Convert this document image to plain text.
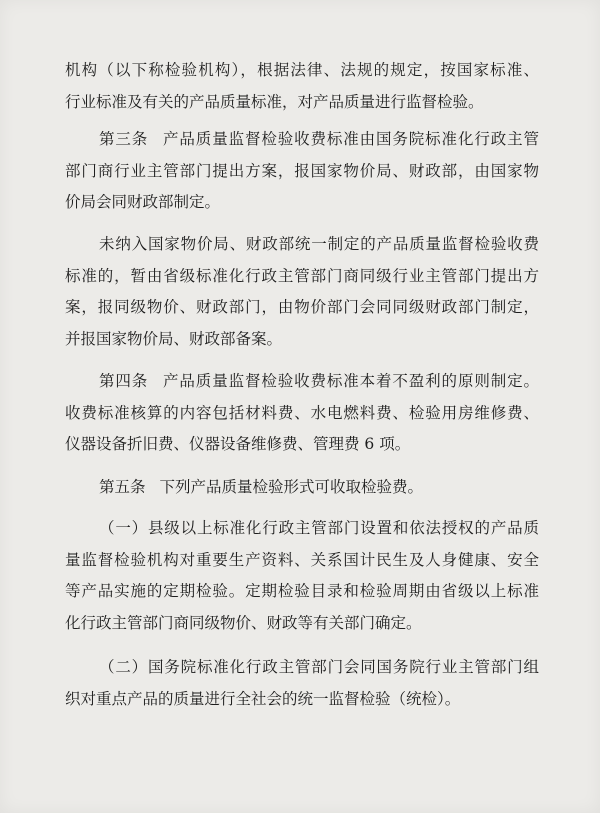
机构（以下称检验机构），根据法律、法规的规定，按国家标准、
行业标准及有关的产品质量标准，对产品质量进行监督检验。

第三条 产品质量监督检验收费标准由国务院标准化行政主管
部门商行业主管部门提出方案，报国家物价局、财政部，由国家物
价局会同财政部制定。

未纳入国家物价局、财政部统一制定的产品质量监督检验收费
标准的，暂由省级标准化行政主管部门商同级行业主管部门提出方
案，报同级物价、财政部门，由物价部门会同同级财政部门制定，
并报国家物价局、财政部备案。

第四条 产品质量监督检验收费标准本着不盈利的原则制定。
收费标准核算的内容包括材料费、水电燃料费、检验用房维修费、
仪器设备折旧费、仪器设备维修费、管理费 6 项。

第五条 下列产品质量检验形式可收取检验费。

（一）县级以上标准化行政主管部门设置和依法授权的产品质
量监督检验机构对重要生产资料、关系国计民生及人身健康、安全
等产品实施的定期检验。定期检验目录和检验周期由省级以上标准
化行政主管部门商同级物价、财政等有关部门确定。

（二）国务院标准化行政主管部门会同国务院行业主管部门组
织对重点产品的质量进行全社会的统一监督检验（统检）。
